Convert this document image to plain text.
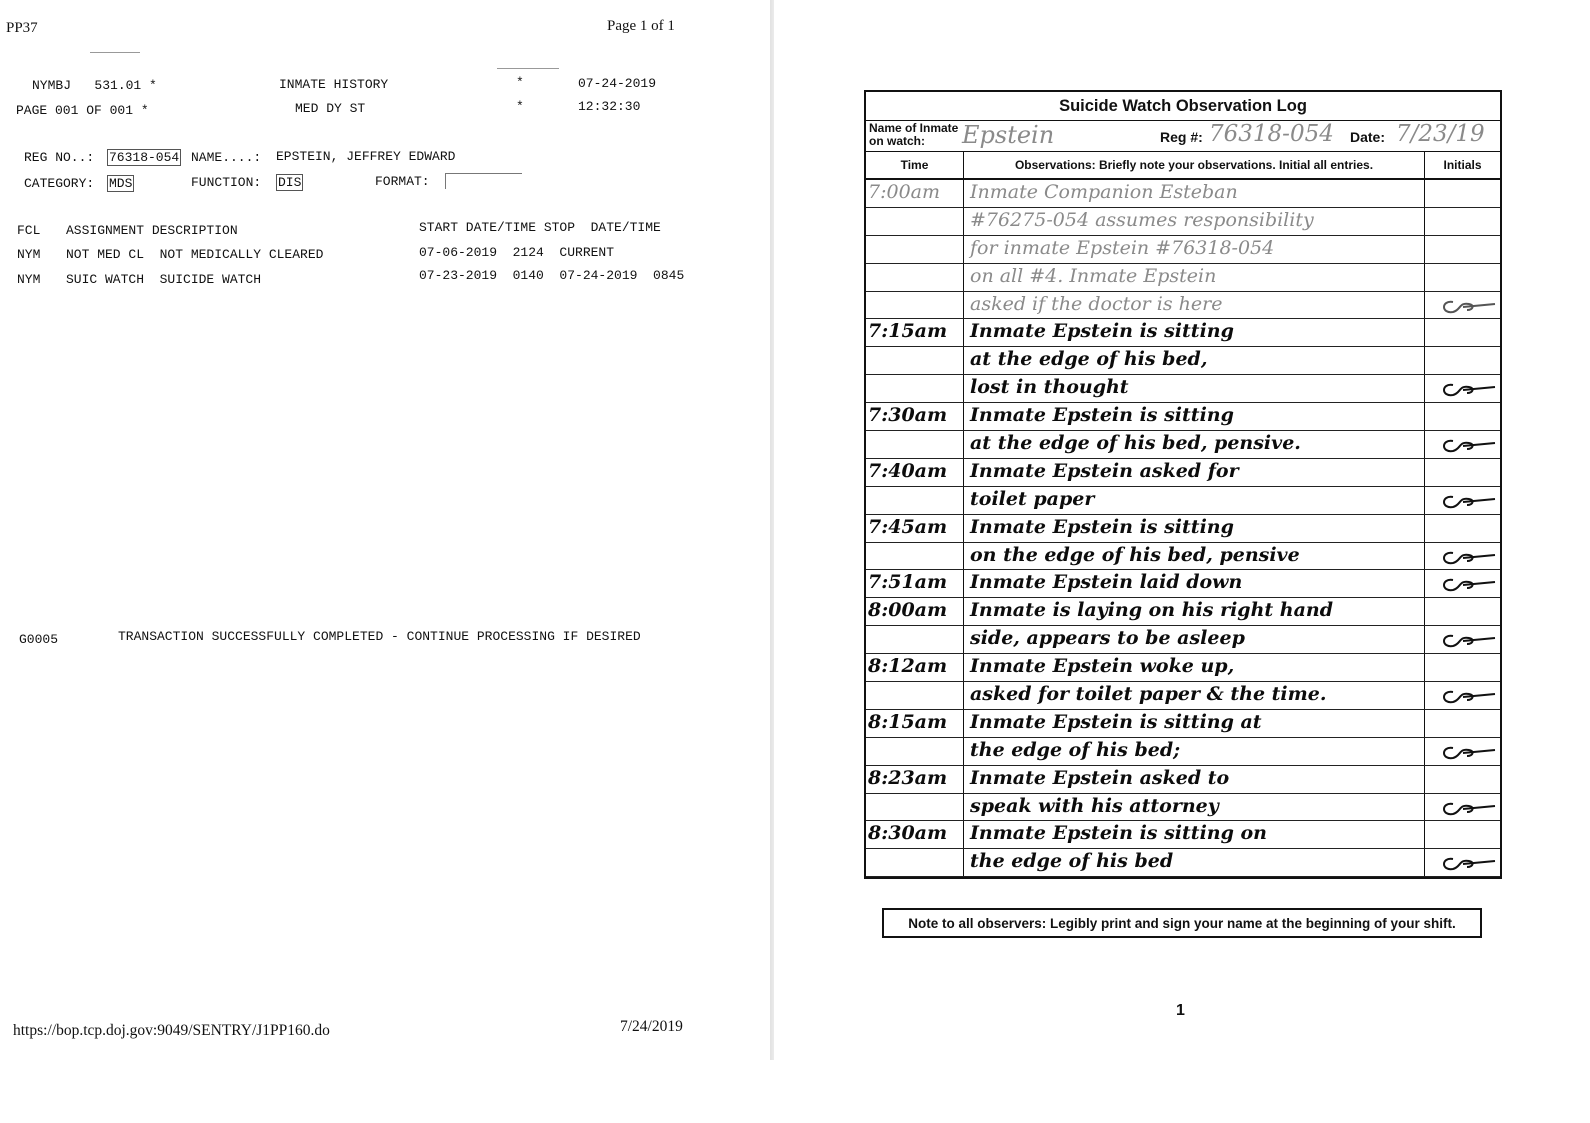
PP37	Page 1 of 1
NYMBJ   531.01 *	INMATE HISTORY	*	07-24-2019
PAGE 001 OF 001 *	MED DY ST	*	12:32:30
REG NO..: 76318-054 NAME....: EPSTEIN, JEFFREY EDWARD
CATEGORY: MDS	FUNCTION: DIS	FORMAT:
FCL ASSIGNMENT DESCRIPTION	START DATE/TIME STOP  DATE/TIME
NYM NOT MED CL  NOT MEDICALLY CLEARED	07-06-2019  2124  CURRENT
NYM SUIC WATCH  SUICIDE WATCH	07-23-2019  0140  07-24-2019  0845
G0005	TRANSACTION SUCCESSFULLY COMPLETED - CONTINUE PROCESSING IF DESIRED
https://bop.tcp.doj.gov:9049/SENTRY/J1PP160.do	7/24/2019
Suicide Watch Observation Log
Name of Inmate on watch:	Epstein	Reg #: 76318-054 Date: 7/23/19
Time	Observations: Briefly note your observations. Initial all entries.	Initials
7:00am Inmate Companion Esteban
#76275-054 assumes responsibility
for inmate Epstein #76318-054
on all #4. Inmate Epstein
asked if the doctor is here
7:15am Inmate Epstein is sitting
at the edge of his bed,
lost in thought
7:30am Inmate Epstein is sitting
at the edge of his bed, pensive.
7:40am Inmate Epstein asked for
toilet paper
7:45am Inmate Epstein is sitting
on the edge of his bed, pensive
7:51am Inmate Epstein laid down
8:00am Inmate is laying on his right hand
side, appears to be asleep
8:12am Inmate Epstein woke up,
asked for toilet paper & the time.
8:15am Inmate Epstein is sitting at
the edge of his bed;
8:23am Inmate Epstein asked to
speak with his attorney
8:30am Inmate Epstein is sitting on
the edge of his bed
Note to all observers: Legibly print and sign your name at the beginning of your shift.
1
